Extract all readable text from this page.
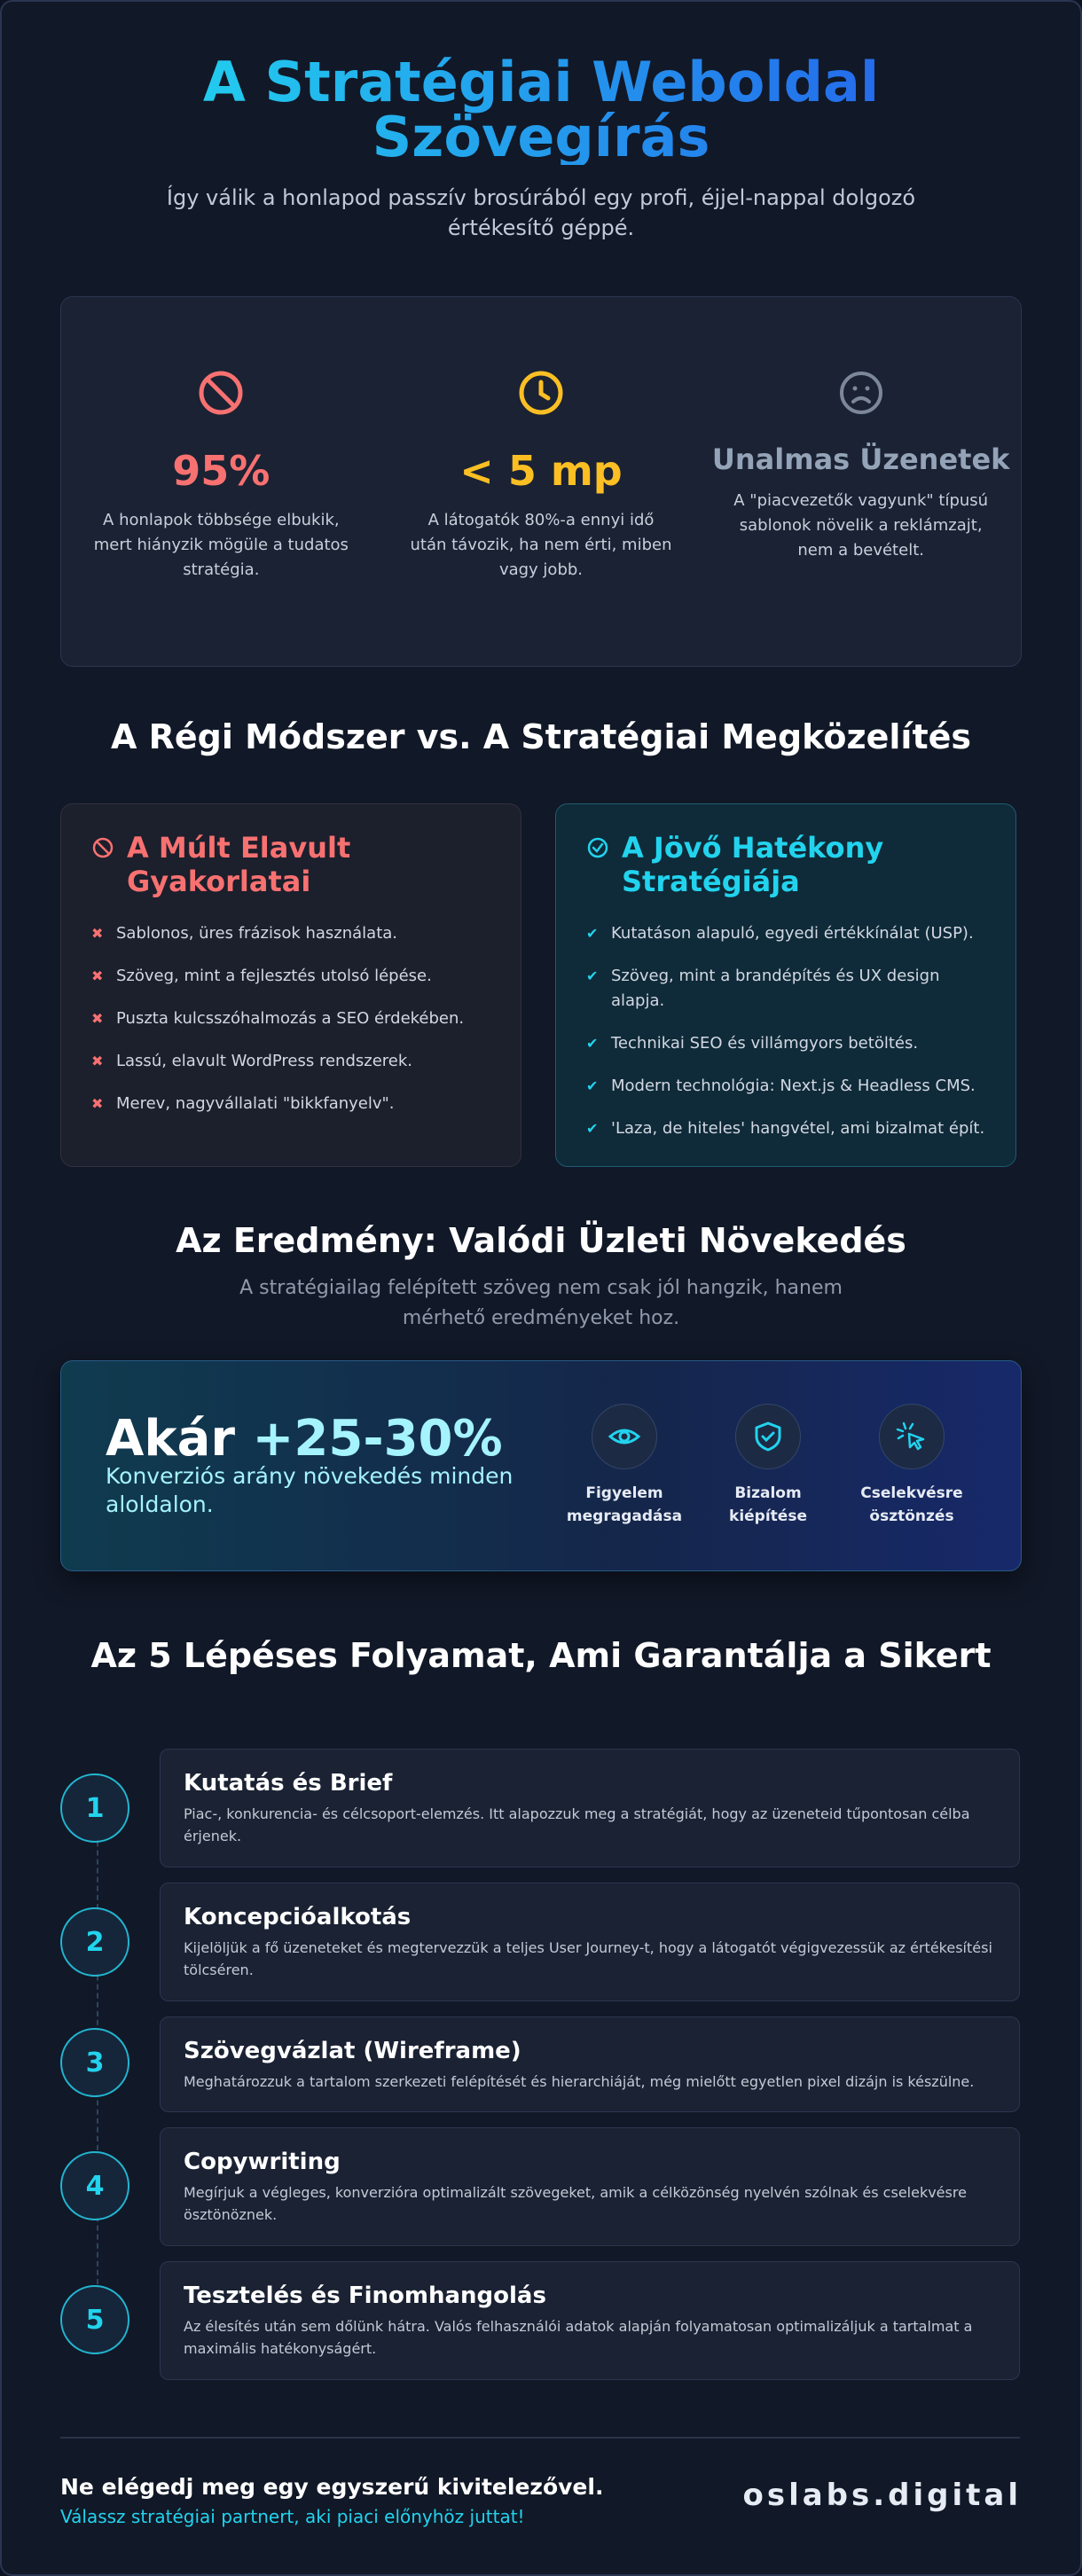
A Stratégiai Weboldal Szövegírás

Így válik a honlapod passzív brosúrából egy profi, éjjel-nappal dolgozó értékesítő géppé.

95%
A honlapok többsége elbukik, mert hiányzik mögüle a tudatos stratégia.
< 5 mp
A látogatók 80%-a ennyi idő után távozik, ha nem érti, miben vagy jobb.
Unalmas Üzenetek
A "piacvezetők vagyunk" típusú sablonok növelik a reklámzajt, nem a bevételt.
A Régi Módszer vs. A Stratégiai Megközelítés
A Múlt Elavult Gyakorlatai
✖ Sablonos, üres frázisok használata.
✖ Szöveg, mint a fejlesztés utolsó lépése.
✖ Puszta kulcsszóhalmozás a SEO érdekében.
✖ Lassú, elavult WordPress rendszerek.
✖ Merev, nagyvállalati "bikkfanyelv".
A Jövő Hatékony Stratégiája
✔ Kutatáson alapuló, egyedi értékkínálat (USP).
✔ Szöveg, mint a brandépítés és UX design alapja.
✔ Technikai SEO és villámgyors betöltés.
✔ Modern technológia: Next.js & Headless CMS.
✔ 'Laza, de hiteles' hangvétel, ami bizalmat épít.
Az Eredmény: Valódi Üzleti Növekedés
A stratégiailag felépített szöveg nem csak jól hangzik, hanem mérhető eredményeket hoz.
Akár +25-30%
Konverziós arány növekedés minden aloldalon.	Figyelem megragadása
Bizalom kiépítése
Cselekvésre ösztönzés
Az 5 Lépéses Folyamat, Ami Garantálja a Sikert
1
Kutatás és Brief
Piac-, konkurencia- és célcsoport-elemzés. Itt alapozzuk meg a stratégiát, hogy az üzeneteid tűpontosan célba érjenek.
2
Koncepcióalkotás
Kijelöljük a fő üzeneteket és megtervezzük a teljes User Journey-t, hogy a látogatót végigvezessük az értékesítési tölcséren.
3	Szövegvázlat (Wireframe)
Meghatározzuk a tartalom szerkezeti felépítését és hierarchiáját, még mielőtt egyetlen pixel dizájn is készülne.
4
Copywriting
Megírjuk a végleges, konverzióra optimalizált szövegeket, amik a célközönség nyelvén szólnak és cselekvésre ösztönöznek.
5
Tesztelés és Finomhangolás
Az élesítés után sem dőlünk hátra. Valós felhasználói adatok alapján folyamatosan optimalizáljuk a tartalmat a maximális hatékonyságért.
Ne elégedj meg egy egyszerű kivitelezővel.
Válassz stratégiai partnert, aki piaci előnyhöz juttat!
oslabs.digital
